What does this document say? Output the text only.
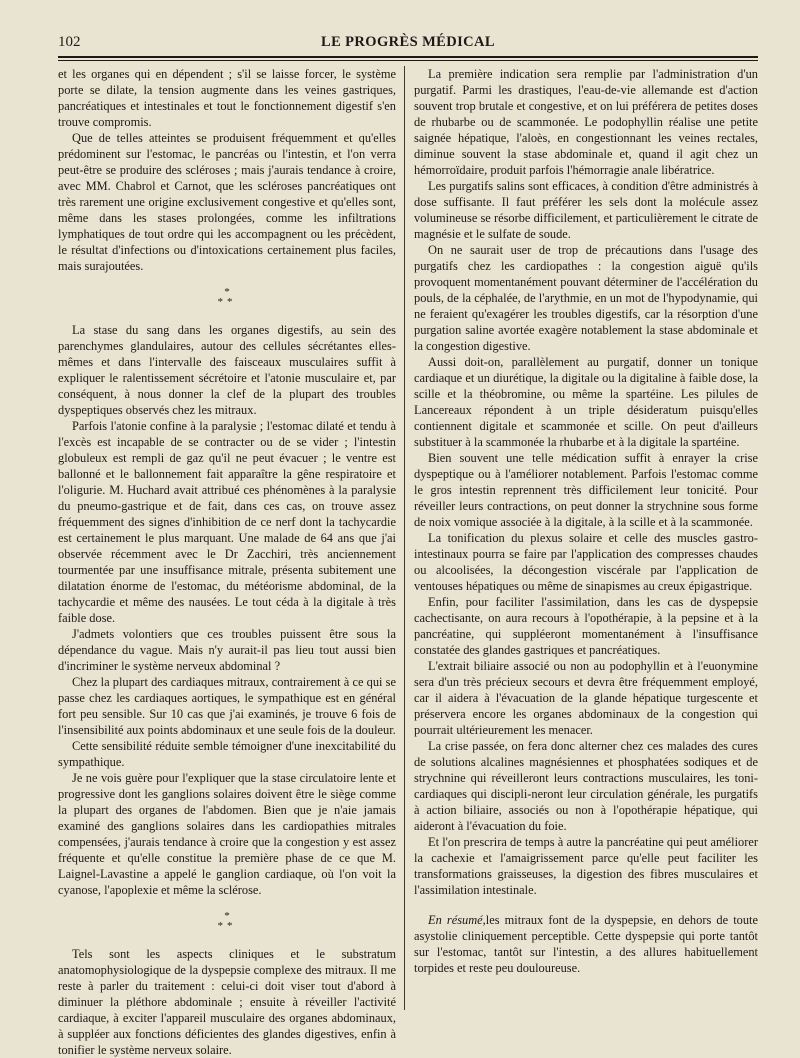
102	LE PROGRÈS MÉDICAL

et les organes qui en dépendent ; s'il se laisse forcer, le système porte se dilate, la tension augmente dans les veines gastriques, pancréatiques et intestinales et tout le fonctionnement digestif s'en trouve compromis.

Que de telles atteintes se produisent fréquemment et qu'elles prédominent sur l'estomac, le pancréas ou l'intestin, et l'on verra peut-être se produire des scléroses ; mais j'aurais tendance à croire, avec MM. Chabrol et Carnot, que les scléroses pancréatiques ont très rarement une origine exclusivement congestive et qu'elles sont, même dans les stases prolongées, comme les infiltrations lymphatiques de tout ordre qui les accompagnent ou les précèdent, le résultat d'infections ou d'intoxications certainement plus faciles, mais surajoutées.

*
**

La stase du sang dans les organes digestifs, au sein des parenchymes glandulaires, autour des cellules sécrétantes elles-mêmes et dans l'intervalle des faisceaux musculaires suffit à expliquer le ralentissement sécrétoire et l'atonie musculaire et, par conséquent, à nous donner la clef de la plupart des troubles dyspeptiques observés chez les mitraux.

Parfois l'atonie confine à la paralysie ; l'estomac dilaté et tendu à l'excès est incapable de se contracter ou de se vider ; l'intestin globuleux est rempli de gaz qu'il ne peut évacuer ; le ventre est ballonné et le ballonnement fait apparaître la gêne respiratoire et l'oligurie. M. Huchard avait attribué ces phénomènes à la paralysie du pneumo-gastrique et de fait, dans ces cas, on trouve assez fréquemment des signes d'inhibition de ce nerf dont la tachycardie est certainement le plus marquant. Une malade de 64 ans que j'ai observée récemment avec le Dr Zacchiri, très anciennement tourmentée par une insuffisance mitrale, présenta subitement une dilatation énorme de l'estomac, du météorisme abdominal, de la tachycardie et même des nausées. Le tout céda à la digitale à très faible dose.

J'admets volontiers que ces troubles puissent être sous la dépendance du vague. Mais n'y aurait-il pas lieu tout aussi bien d'incriminer le système nerveux abdominal ?

Chez la plupart des cardiaques mitraux, contrairement à ce qui se passe chez les cardiaques aortiques, le sympathique est en général fort peu sensible. Sur 10 cas que j'ai examinés, je trouve 6 fois de l'insensibilité aux points abdominaux et une seule fois de la douleur.

Cette sensibilité réduite semble témoigner d'une inexcitabilité du sympathique.

Je ne vois guère pour l'expliquer que la stase circulatoire lente et progressive dont les ganglions solaires doivent être le siège comme la plupart des organes de l'abdomen. Bien que je n'aie jamais examiné des ganglions solaires dans les cardiopathies mitrales compensées, j'aurais tendance à croire que la congestion y est assez fréquente et qu'elle constitue la première phase de ce que M. Laignel-Lavastine a appelé le ganglion cardiaque, où l'on voit la cyanose, l'apoplexie et même la sclérose.

*
**

Tels sont les aspects cliniques et le substratum anatomophysiologique de la dyspepsie complexe des mitraux. Il me reste à parler du traitement : celui-ci doit viser tout d'abord à diminuer la pléthore abdominale ; ensuite à réveiller l'activité cardiaque, à exciter l'appareil musculaire des organes abdominaux, à suppléer aux fonctions déficientes des glandes digestives, enfin à tonifier le système nerveux solaire.

La première indication sera remplie par l'administration d'un purgatif. Parmi les drastiques, l'eau-de-vie allemande est d'action souvent trop brutale et congestive, et on lui préférera de petites doses de rhubarbe ou de scammonée. Le podophyllin réalise une petite saignée hépatique, l'aloès, en congestionnant les veines rectales, diminue souvent la stase abdominale et, quand il agit chez un hémorroïdaire, produit parfois l'hémorragie anale libératrice.

Les purgatifs salins sont efficaces, à condition d'être administrés à dose suffisante. Il faut préférer les sels dont la molécule assez volumineuse se résorbe difficilement, et particulièrement le citrate de magnésie et le sulfate de soude.

On ne saurait user de trop de précautions dans l'usage des purgatifs chez les cardiopathes : la congestion aiguë qu'ils provoquent momentanément pouvant déterminer de l'accélération du pouls, de la céphalée, de l'arythmie, en un mot de l'hypodynamie, qui ne feraient qu'exagérer les troubles digestifs, car la résorption d'une purgation saline avortée exagère notablement la stase abdominale et la congestion digestive.

Aussi doit-on, parallèlement au purgatif, donner un tonique cardiaque et un diurétique, la digitale ou la digitaline à faible dose, la scille et la théobromine, ou même la spartéine. Les pilules de Lancereaux répondent à un triple désideratum puisqu'elles contiennent digitale et scammonée et scille. On peut d'ailleurs substituer à la scammonée la rhubarbe et à la digitale la spartéine.

Bien souvent une telle médication suffit à enrayer la crise dyspeptique ou à l'améliorer notablement. Parfois l'estomac comme le gros intestin reprennent très difficilement leur tonicité. Pour réveiller leurs contractions, on peut donner la strychnine sous forme de noix vomique associée à la digitale, à la scille et à la scammonée.

La tonification du plexus solaire et celle des muscles gastro-intestinaux pourra se faire par l'application des compresses chaudes ou alcoolisées, la décongestion viscérale par l'application de ventouses hépatiques ou même de sinapismes au creux épigastrique.

Enfin, pour faciliter l'assimilation, dans les cas de dyspepsie cachectisante, on aura recours à l'opothérapie, à la pepsine et à la pancréatine, qui suppléeront momentanément à l'insuffisance constatée des glandes gastriques et pancréatiques.

L'extrait biliaire associé ou non au podophyllin et à l'euonymine sera d'un très précieux secours et devra être fréquemment employé, car il aidera à l'évacuation de la glande hépatique turgescente et préservera encore les organes abdominaux de la congestion qui pourrait ultérieurement les menacer.

La crise passée, on fera donc alterner chez ces malades des cures de solutions alcalines magnésiennes et phosphatées sodiques et de strychnine qui réveilleront leurs contractions musculaires, les toni-cardiaques qui discipli-neront leur circulation générale, les purgatifs à action biliaire, associés ou non à l'opothérapie hépatique, qui aideront à l'évacuation du foie.

Et l'on prescrira de temps à autre la pancréatine qui peut améliorer la cachexie et l'amaigrissement parce qu'elle peut faciliter les transformations graisseuses, la digestion des fibres musculaires et l'assimilation intestinale.

En résumé,les mitraux font de la dyspepsie, en dehors de toute asystolie cliniquement perceptible. Cette dyspepsie qui porte tantôt sur l'estomac, tantôt sur l'intestin, a des allures habituellement torpides et reste peu douloureuse.
